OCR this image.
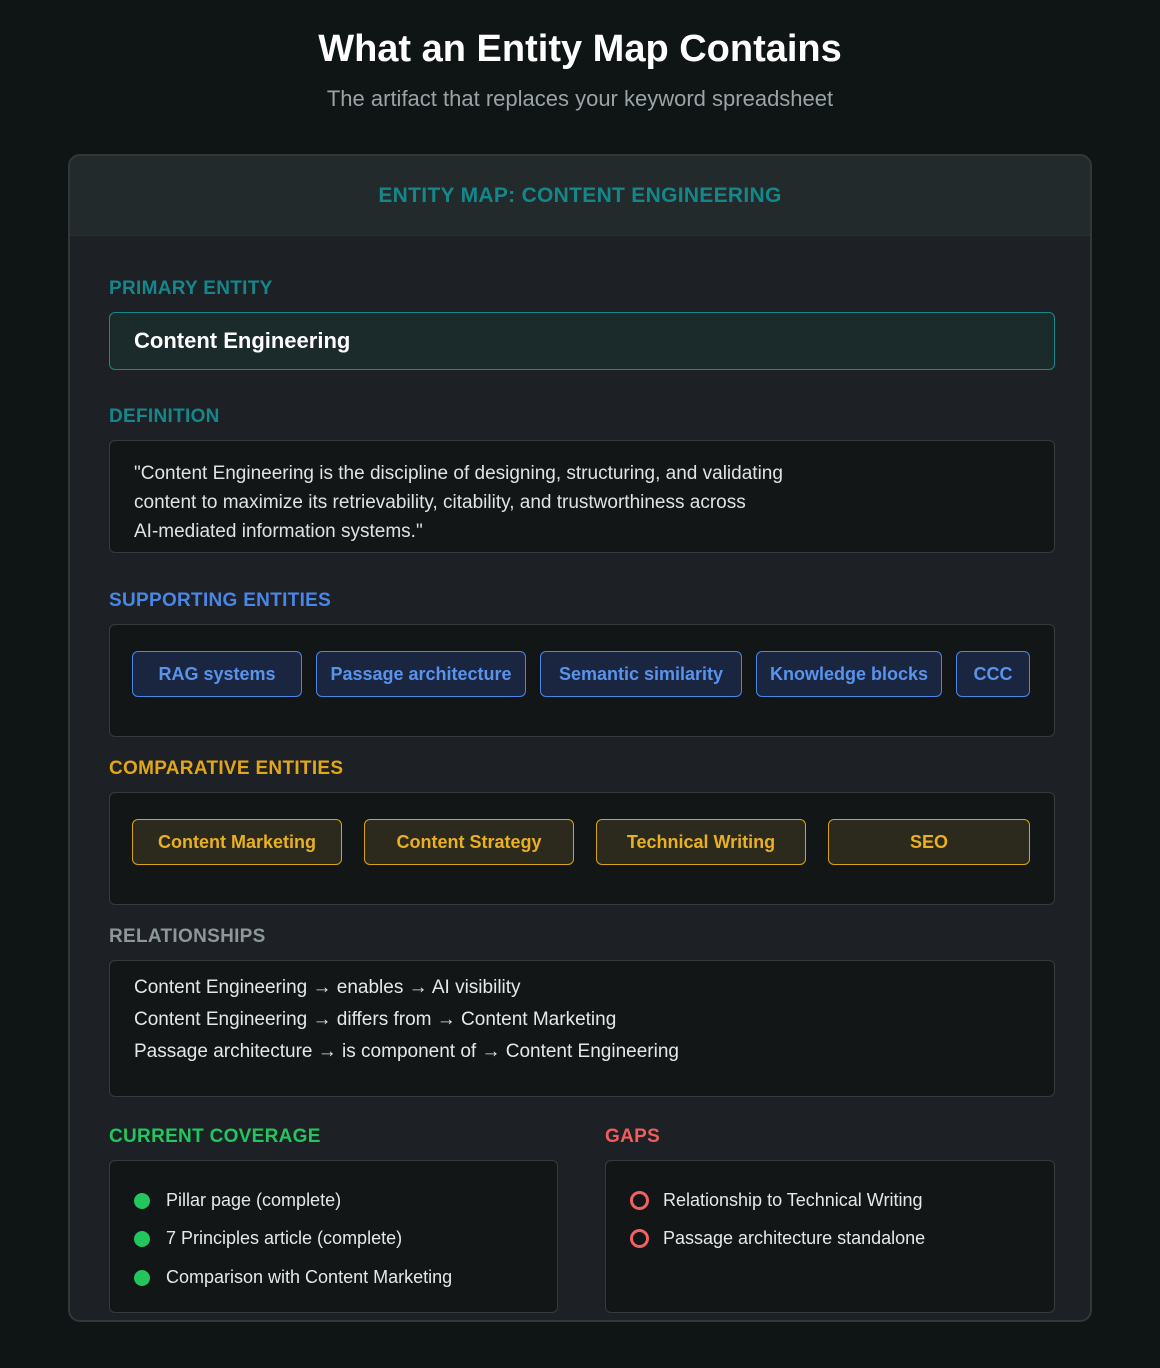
What an Entity Map Contains
The artifact that replaces your keyword spreadsheet
ENTITY MAP: CONTENT ENGINEERING
PRIMARY ENTITY
Content Engineering
DEFINITION
"Content Engineering is the discipline of designing, structuring, and validating
content to maximize its retrievability, citability, and trustworthiness across
AI-mediated information systems."
SUPPORTING ENTITIES
RAG systems	Passage architecture	Semantic similarity	Knowledge blocks	CCC
COMPARATIVE ENTITIES
Content Marketing	Content Strategy	Technical Writing	SEO
RELATIONSHIPS
Content Engineering → enables → AI visibility
Content Engineering → differs from → Content Marketing
Passage architecture → is component of → Content Engineering
CURRENT COVERAGE
Pillar page (complete)
7 Principles article (complete)
Comparison with Content Marketing
GAPS
Relationship to Technical Writing
Passage architecture standalone
